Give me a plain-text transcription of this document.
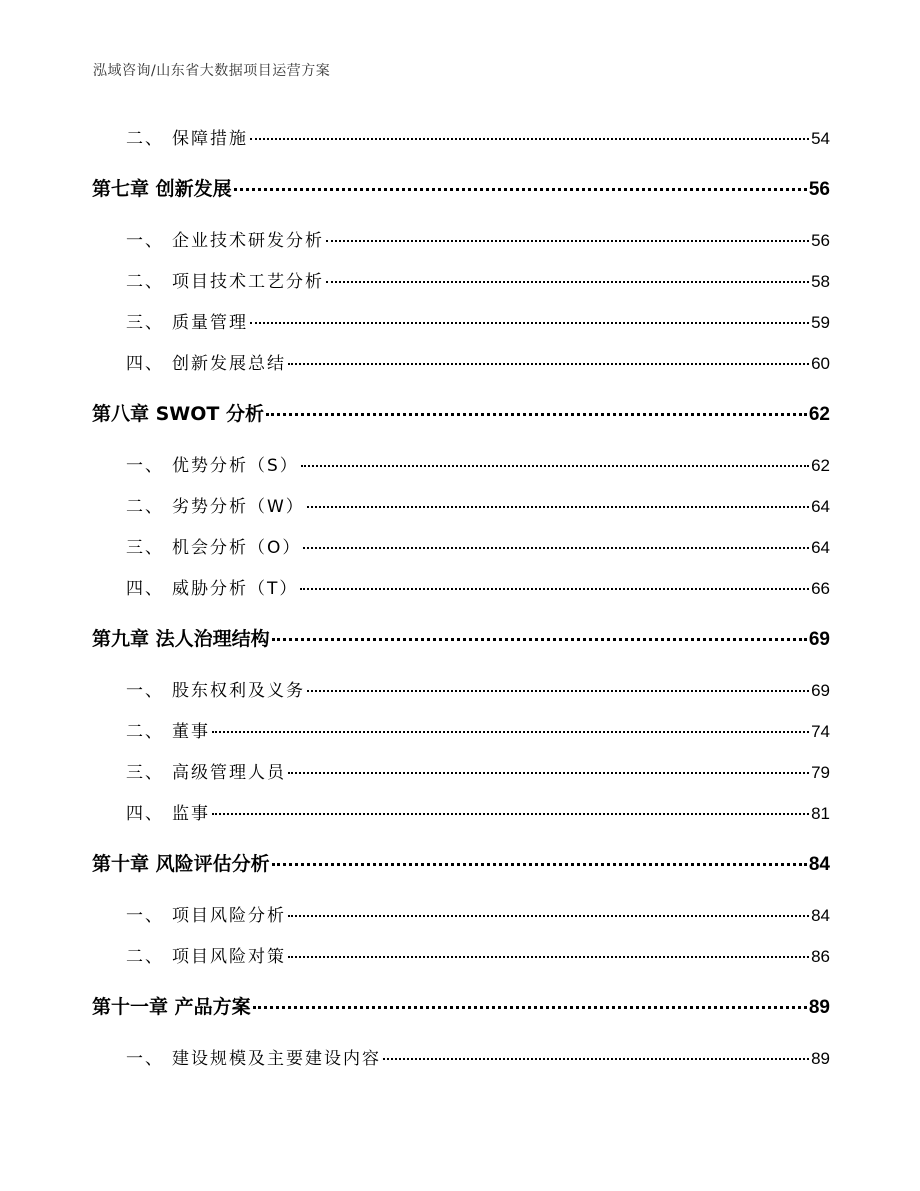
泓域咨询/山东省大数据项目运营方案
二、 保障措施	54
第七章 创新发展	56
一、 企业技术研发分析	56
二、 项目技术工艺分析	58
三、 质量管理	59
四、 创新发展总结	60
第八章 SWOT 分析	62
一、 优势分析（S）	62
二、 劣势分析（W）	64
三、 机会分析（O）	64
四、 威胁分析（T）	66
第九章 法人治理结构	69
一、 股东权利及义务	69
二、 董事	74
三、 高级管理人员	79
四、 监事	81
第十章 风险评估分析	84
一、 项目风险分析	84
二、 项目风险对策	86
第十一章 产品方案	89
一、 建设规模及主要建设内容	89
